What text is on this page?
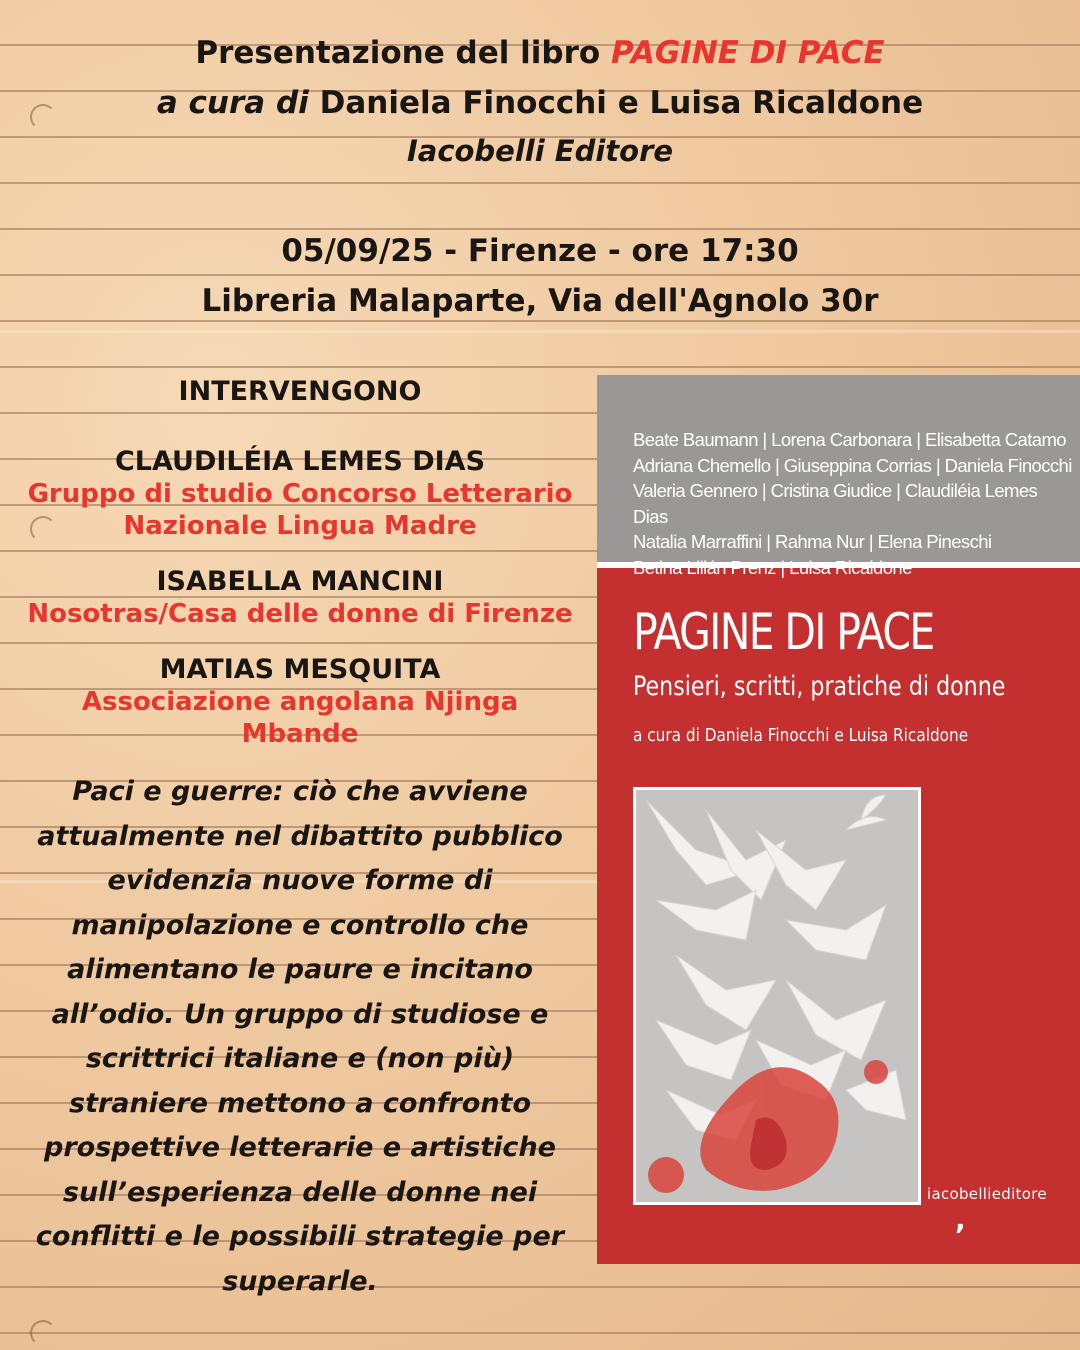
Presentazione del libro PAGINE DI PACE
a cura di Daniela Finocchi e Luisa Ricaldone
Iacobelli Editore
05/09/25 - Firenze - ore 17:30
Libreria Malaparte, Via dell'Agnolo 30r
INTERVENGONO
CLAUDILÉIA LEMES DIAS
Gruppo di studio Concorso Letterario
Nazionale Lingua Madre
ISABELLA MANCINI
Nosotras/Casa delle donne di Firenze
MATIAS MESQUITA
Associazione angolana Njinga
Mbande
Paci e guerre: ciò che avviene
attualmente nel dibattito pubblico
evidenzia nuove forme di
manipolazione e controllo che
alimentano le paure e incitano
all’odio. Un gruppo di studiose e
scrittrici italiane e (non più)
straniere mettono a confronto
prospettive letterarie e artistiche
sull’esperienza delle donne nei
conflitti e le possibili strategie per
superarle.
Beate Baumann | Lorena Carbonara | Elisabetta Catamo
Adriana Chemello | Giuseppina Corrias | Daniela Finocchi
Valeria Gennero | Cristina Giudice | Claudiléia Lemes Dias
Natalia Marraffini | Rahma Nur | Elena Pineschi
PAGINE DI PACE
Pensieri, scritti, pratiche di donne
a cura di Daniela Finocchi e Luisa Ricaldone
iacobellieditore
,
